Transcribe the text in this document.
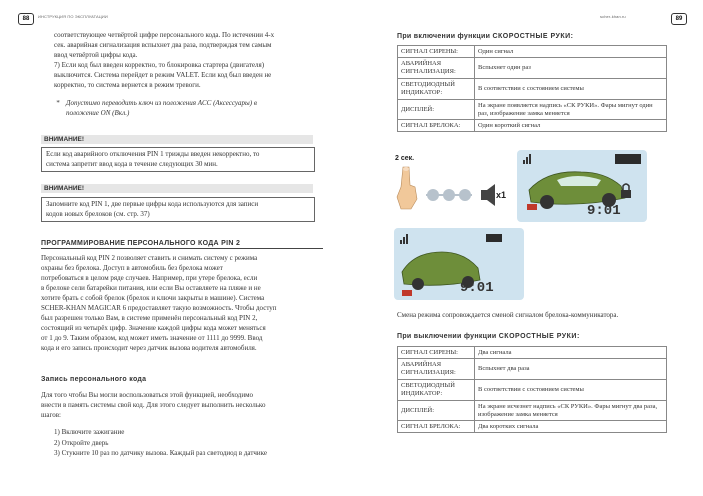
88	ИНСТРУКЦИЯ ПО ЭКСПЛУАТАЦИИ	89
scher-khan.ru
соответствующее четвёртой цифре персонального кода. По истечении 4-х
сек. аварийная сигнализация вспыхнет два раза, подтверждая тем самым
ввод четвёртой цифры кода.
7) Если код был введен корректно, то блокировка стартера (двигателя)
выключится. Система перейдет в режим VALET. Если код был введен не
корректно, то система вернется в режим тревоги.
* Допустимо переводить ключ из положения ACC (Аксессуары) в
положение ON (Вкл.)
ВНИМАНИЕ!
Если код аварийного отключения PIN 1 трижды введен некорректно, то
система запретит ввод кода в течение следующих 30 мин.
ВНИМАНИЕ!
Запомните код PIN 1, две первые цифры кода используются для записи
кодов новых брелоков (см. стр. 37)
ПРОГРАММИРОВАНИЕ ПЕРСОНАЛЬНОГО КОДА PIN 2
Персональный код PIN 2 позволяет ставить и снимать систему с режима
охраны без брелока. Доступ в автомобиль без брелока может
потребоваться в целом ряде случаев. Например, при утере брелока, если
в брелоке сели батарейки питания, или если Вы оставляете на пляже и не
хотите брать с собой брелок (брелок и ключи закрыты в машине). Система
SCHER-KHAN MAGICAR 6 предоставляет такую возможность. Чтобы доступ
был разрешен только Вам, в системе применён персональный код PIN 2,
состоящий из четырёх цифр. Значение каждой цифры кода может меняться
от 1 до 9. Таким образом, код может иметь значение от 1111 до 9999. Ввод
кода и его запись происходит через датчик вызова водителя автомобиля.
Запись персонального кода
Для того чтобы Вы могли воспользоваться этой функцией, необходимо
внести в память системы свой код. Для этого следует выполнить несколько
шагов:
1) Включите зажигание
2) Откройте дверь
3) Стукните 10 раз по датчику вызова. Каждый раз светодиод в датчике
При включении функции СКОРОСТНЫЕ РУКИ:
СИГНАЛ СИРЕНЫ:	Один сигнал
АВАРИЙНАЯ СИГНАЛИЗАЦИЯ:	Вспыхнет один раз
СВЕТОДИОДНЫЙ ИНДИКАТОР:	В соответствии с состоянием системы
ДИСПЛЕЙ:	На экране появляется надпись «СК РУКИ». Фары мигнут один раз, изображение замка меняется
СИГНАЛ БРЕЛОКА:	Один короткий сигнал
2 сек.
x1
9:01
9:01
Смена режима сопровождается сменой сигналом брелока-коммуникатора.
При выключении функции СКОРОСТНЫЕ РУКИ:
СИГНАЛ СИРЕНЫ:	Два сигнала
АВАРИЙНАЯ СИГНАЛИЗАЦИЯ:	Вспыхнет два раза
СВЕТОДИОДНЫЙ ИНДИКАТОР:	В соответствии с состоянием системы
ДИСПЛЕЙ:	На экране исчезнет надпись «СК РУКИ». Фары мигнут два раза, изображение замка меняется
СИГНАЛ БРЕЛОКА:	Два коротких сигнала
